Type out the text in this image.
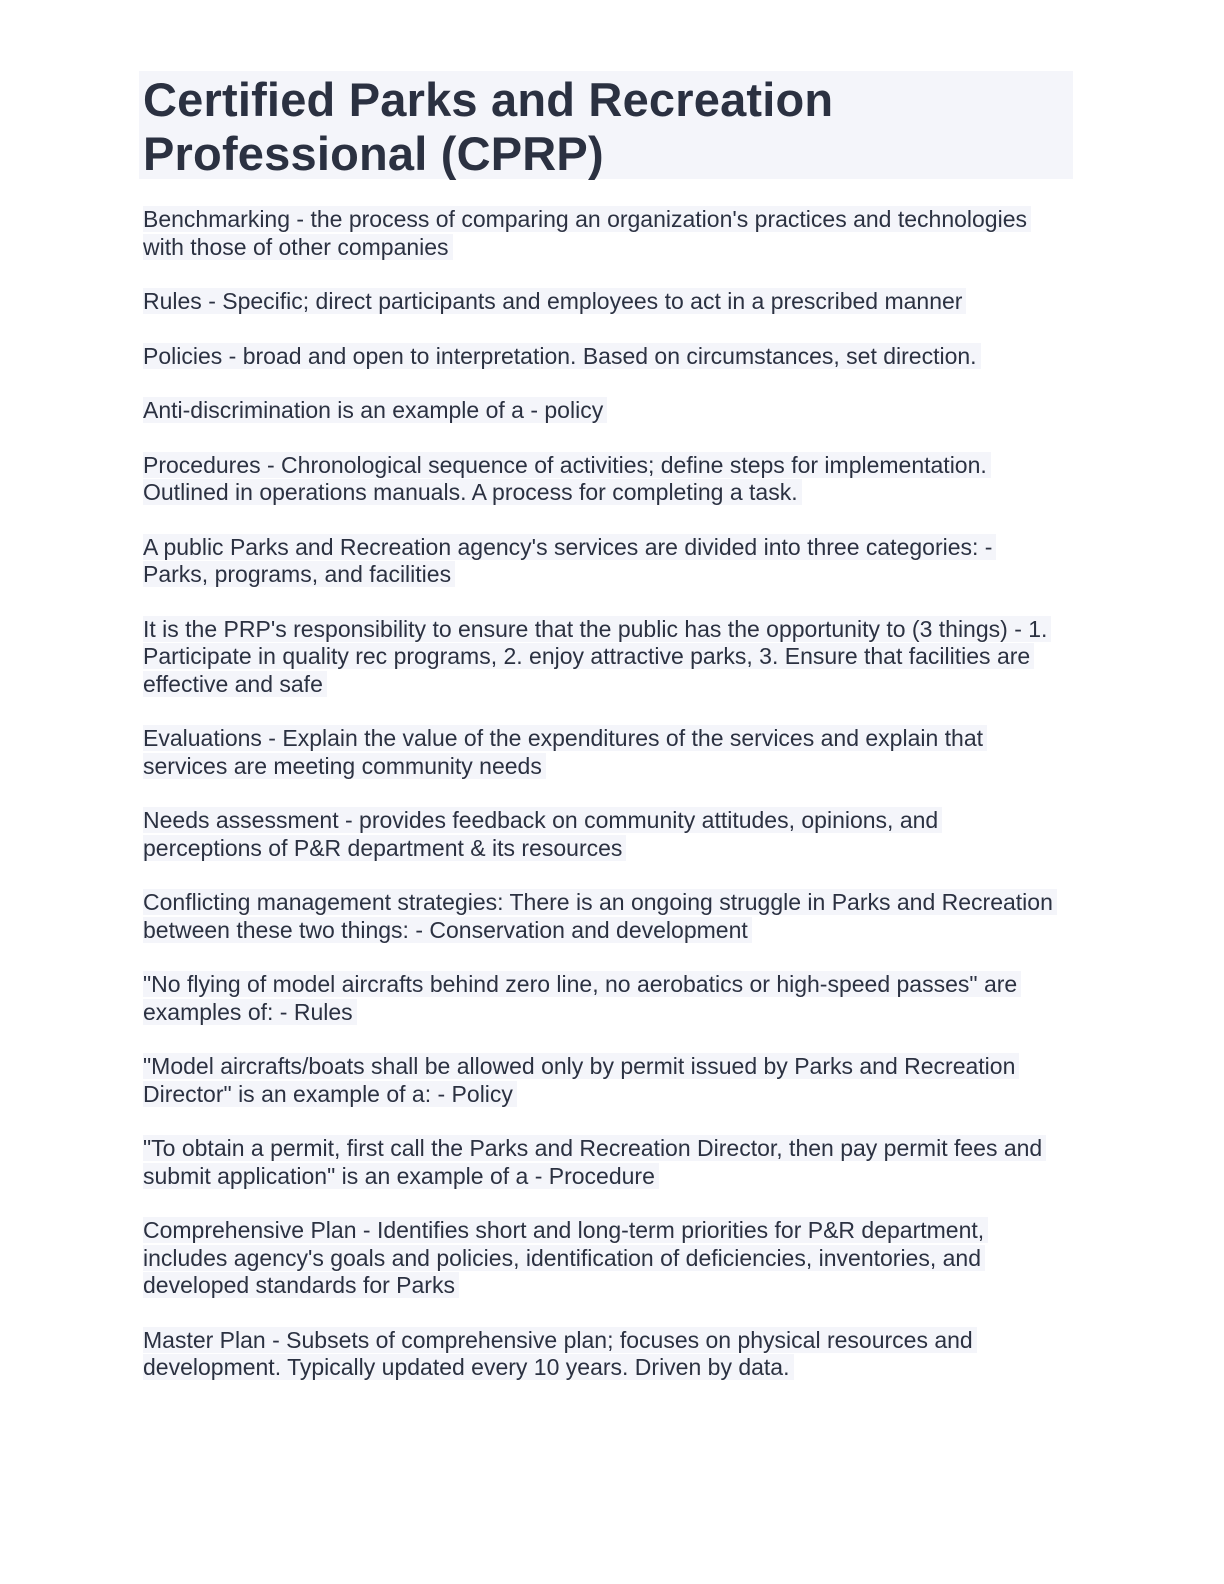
Certified Parks and Recreation Professional (CPRP)

Benchmarking - the process of comparing an organization's practices and technologies with those of other companies

Rules - Specific; direct participants and employees to act in a prescribed manner

Policies - broad and open to interpretation. Based on circumstances, set direction.

Anti-discrimination is an example of a - policy

Procedures - Chronological sequence of activities; define steps for implementation. Outlined in operations manuals. A process for completing a task.

A public Parks and Recreation agency's services are divided into three categories: - Parks, programs, and facilities

It is the PRP's responsibility to ensure that the public has the opportunity to (3 things) - 1. Participate in quality rec programs, 2. enjoy attractive parks, 3. Ensure that facilities are effective and safe

Evaluations - Explain the value of the expenditures of the services and explain that services are meeting community needs

Needs assessment - provides feedback on community attitudes, opinions, and perceptions of P&R department & its resources

Conflicting management strategies: There is an ongoing struggle in Parks and Recreation between these two things: - Conservation and development

"No flying of model aircrafts behind zero line, no aerobatics or high-speed passes" are examples of: - Rules

"Model aircrafts/boats shall be allowed only by permit issued by Parks and Recreation Director" is an example of a: - Policy

"To obtain a permit, first call the Parks and Recreation Director, then pay permit fees and submit application" is an example of a - Procedure

Comprehensive Plan - Identifies short and long-term priorities for P&R department, includes agency's goals and policies, identification of deficiencies, inventories, and developed standards for Parks

Master Plan - Subsets of comprehensive plan; focuses on physical resources and development. Typically updated every 10 years. Driven by data.
